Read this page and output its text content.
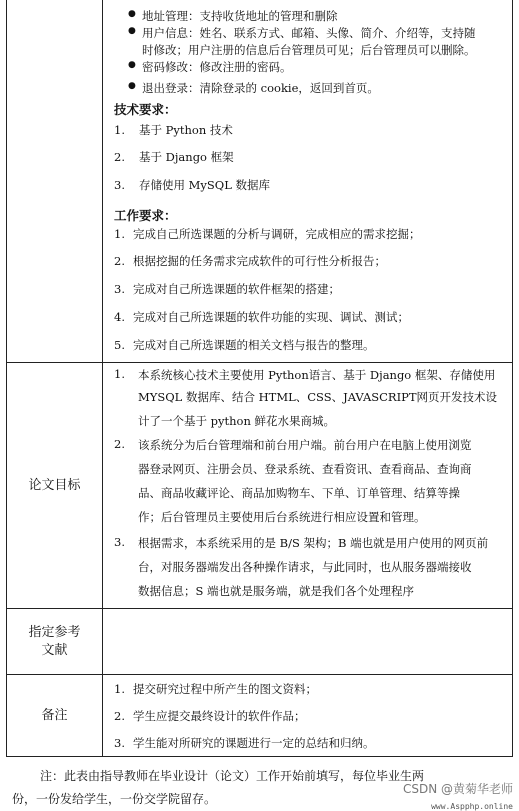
● 地址管理：支持收货地址的管理和删除
● 用户信息：姓名、联系方式、邮箱、头像、简介、介绍等，支持随
时修改；用户注册的信息后台管理员可见；后台管理员可以删除。
● 密码修改：修改注册的密码。
● 退出登录：清除登录的 cookie，返回到首页。
技术要求：
1. 基于 Python 技术
2. 基于 Django 框架
3. 存储使用 MySQL 数据库
工作要求：
1. 完成自己所选课题的分析与调研，完成相应的需求挖掘；
2. 根据挖掘的任务需求完成软件的可行性分析报告；
3. 完成对自己所选课题的软件框架的搭建；
4. 完成对自己所选课题的软件功能的实现、调试、测试；
5. 完成对自己所选课题的相关文档与报告的整理。
论文目标
1. 本系统核心技术主要使用 Python语言、基于 Django 框架、存储使用
MYSQL 数据库、结合 HTML、CSS、JAVASCRIPT网页开发技术设
计了一个基于 python 鲜花水果商城。
2. 该系统分为后台管理端和前台用户端。前台用户在电脑上使用浏览
器登录网页、注册会员、登录系统、查看资讯、查看商品、查询商
品、商品收藏评论、商品加购物车、下单、订单管理、结算等操
作；后台管理员主要使用后台系统进行相应设置和管理。
3. 根据需求，本系统采用的是 B/S 架构；B 端也就是用户使用的网页前
台，对服务器端发出各种操作请求，与此同时，也从服务器端接收
数据信息；S 端也就是服务端，就是我们各个处理程序
指定参考
文献
备注
1. 提交研究过程中所产生的图文资料；
2. 学生应提交最终设计的软件作品；
3. 学生能对所研究的课题进行一定的总结和归纳。
注：此表由指导教师在毕业设计（论文）工作开始前填写，每位毕业生两
份，一份发给学生，一份交学院留存。
CSDN @黄菊华老师
www.Aspphp.online
